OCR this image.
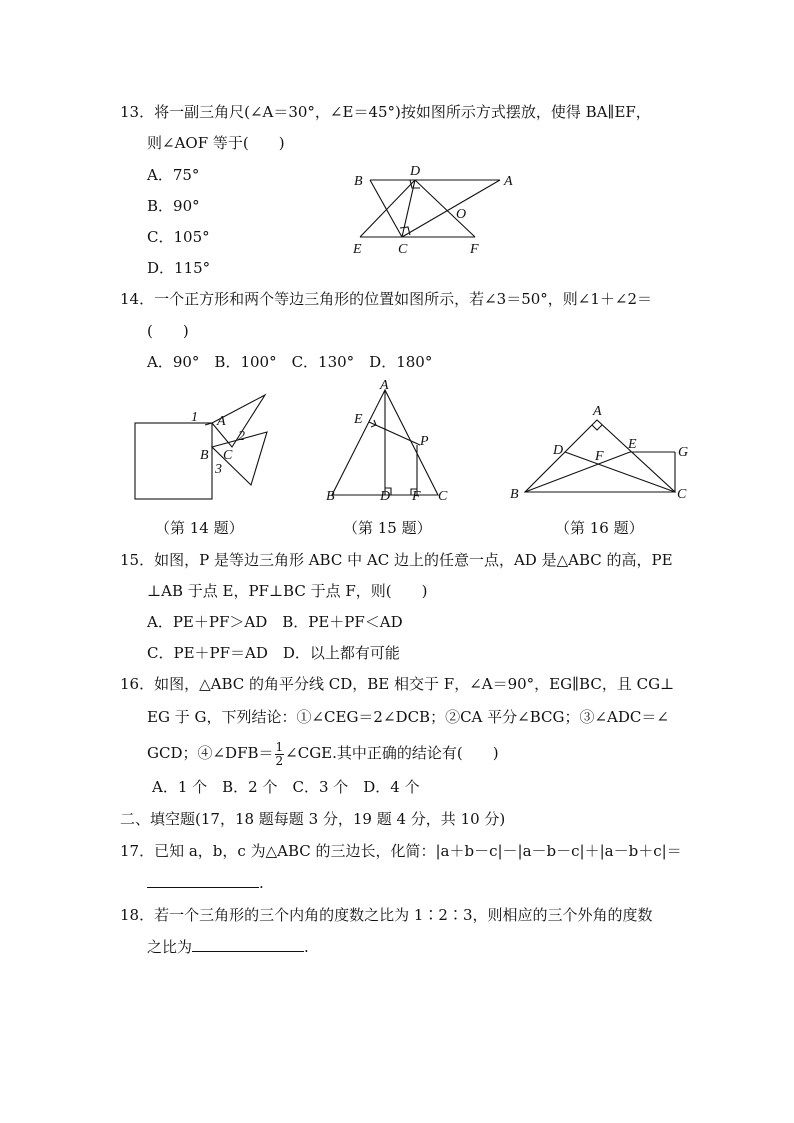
13．将一副三角尺(∠A＝30°，∠E＝45°)按如图所示方式摆放，使得 BA∥EF，
则∠AOF 等于(　　)
A．75°
B．90°
C．105°
D．115°
B
D
A
O
E	C	F
14．一个正方形和两个等边三角形的位置如图所示，若∠3＝50°，则∠1＋∠2＝
(　　)
A．90°　B．100°　C．130°　D．180°
1 A
2
B C
3
A
E
P
B	D F C
A
D	E
G
F
B	C
（第 14 题）	（第 15 题）	（第 16 题）
15．如图，P 是等边三角形 ABC 中 AC 边上的任意一点，AD 是△ABC 的高，PE
⊥AB 于点 E，PF⊥BC 于点 F，则(　　)
A．PE＋PF＞AD　B．PE＋PF＜AD
C．PE＋PF＝AD　D．以上都有可能
16．如图，△ABC 的角平分线 CD，BE 相交于 F，∠A＝90°，EG∥BC，且 CG⊥
EG 于 G，下列结论：①∠CEG＝2∠DCB；②CA 平分∠BCG；③∠ADC＝∠
GCD；④∠DFB＝ $\frac{1}{2}$ ∠CGE.其中正确的结论有(　　)
A．1 个　B．2 个　C．3 个　D．4 个
二、填空题(17，18 题每题 3 分，19 题 4 分，共 10 分)
17．已知 a，b，c 为△ABC 的三边长，化简：|a＋b－c|－|a－b－c|＋|a－b＋c|＝
.
18．若一个三角形的三个内角的度数之比为 1∶2∶3，则相应的三个外角的度数
之比为	.
